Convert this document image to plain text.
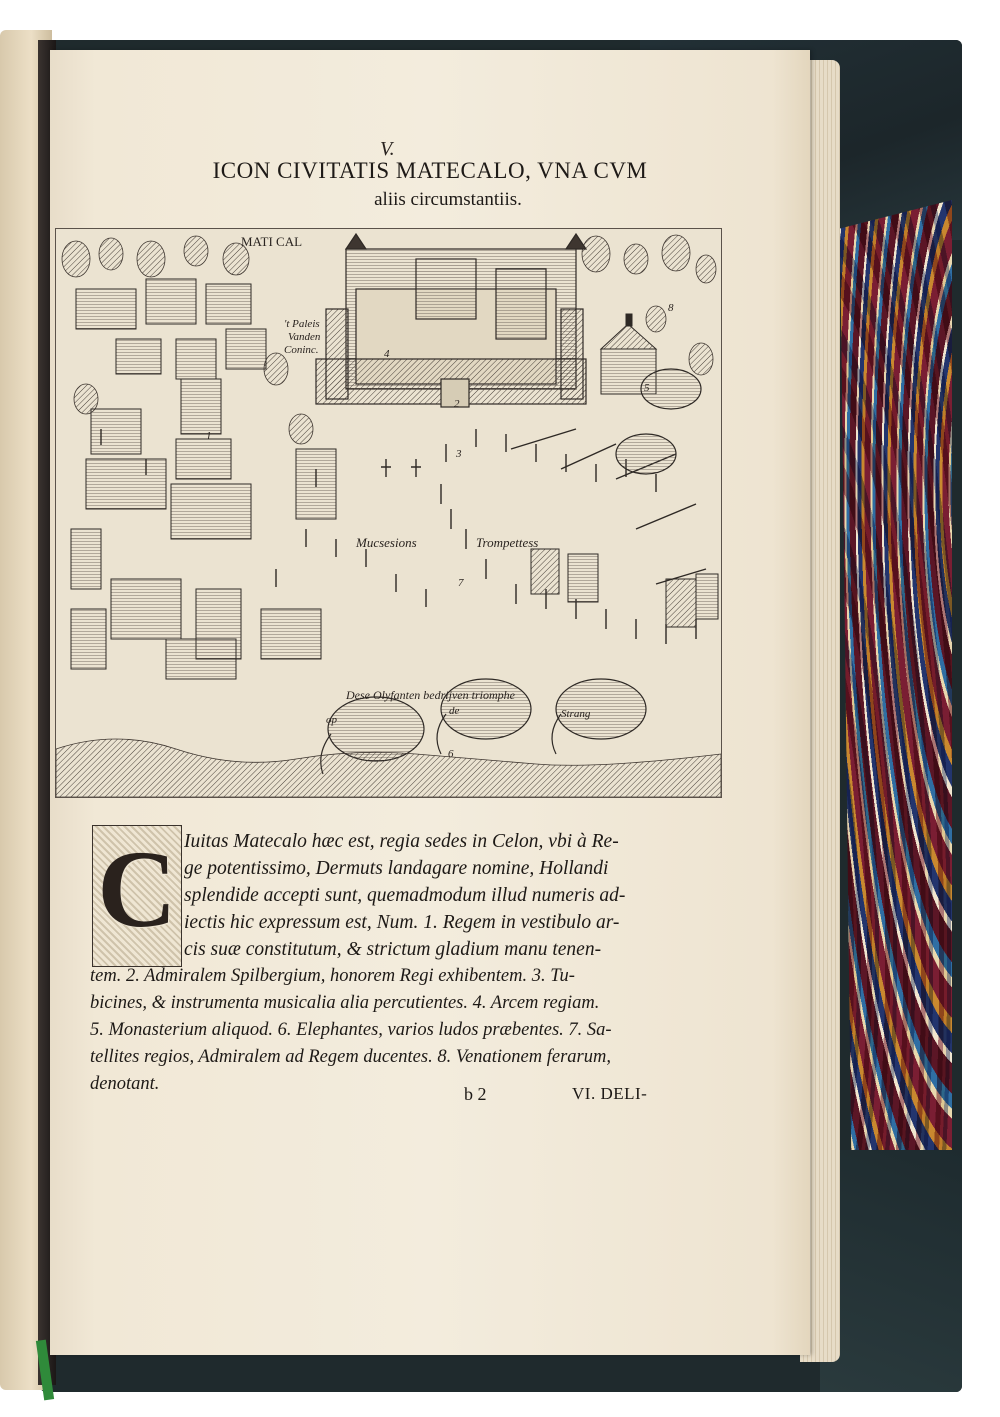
V.
ICON CIVITATIS MATECALO, VNA CVM
aliis circumstantiis.
MATI CAL
't Paleis
Vanden
Coninc.
Mucsesions	Trompettess
Dese Olyfanten bedrijven triomphe
op
de	Strang
4
3
2
1
5
6
7
8
C Iuitas Matecalo hæc est, regia sedes in Celon, vbi à Re-
ge potentissimo, Dermuts landagare nomine, Hollandi
splendide accepti sunt, quemadmodum illud numeris ad-
iectis hic expressum est, Num. 1. Regem in vestibulo ar-
cis suæ constitutum, & strictum gladium manu tenen-
tem. 2. Admiralem Spilbergium, honorem Regi exhibentem. 3. Tu-
bicines, & instrumenta musicalia alia percutientes. 4. Arcem regiam.
5. Monasterium aliquod. 6. Elephantes, varios ludos præbentes. 7. Sa-
tellites regios, Admiralem ad Regem ducentes. 8. Venationem ferarum,
denotant.	b 2	VI. DELI-
